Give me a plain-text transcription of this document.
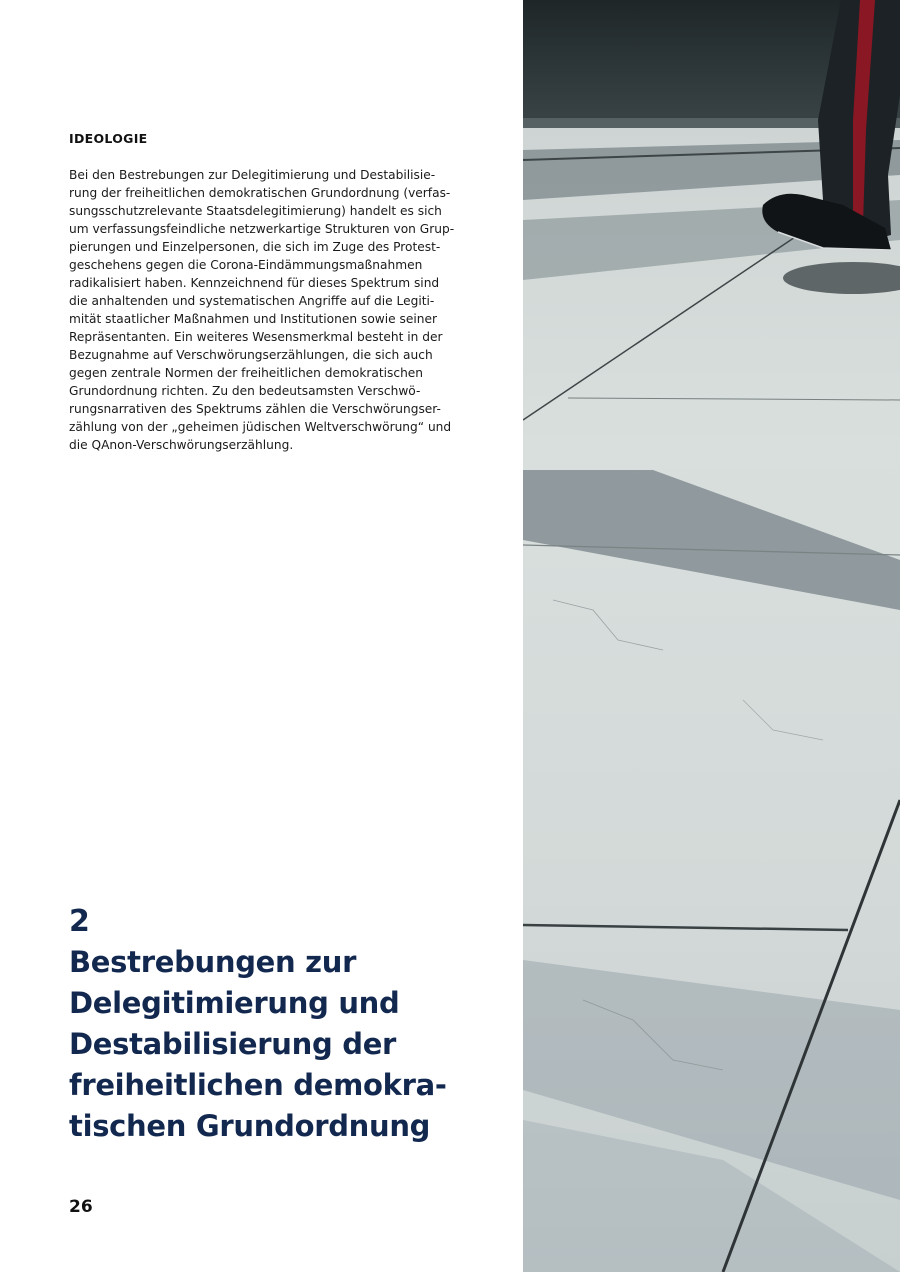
IDEOLOGIE

Bei den Bestrebungen zur Delegitimierung und Destabilisie-
rung der freiheitlichen demokratischen Grundordnung (verfas-
sungsschutzrelevante Staatsdelegitimierung) handelt es sich
um verfassungsfeindliche netzwerkartige Strukturen von Grup-
pierungen und Einzelpersonen, die sich im Zuge des Protest-
geschehens gegen die Corona-Eindämmungsmaßnahmen
radikalisiert haben. Kennzeichnend für dieses Spektrum sind
die anhaltenden und systematischen Angriffe auf die Legiti-
mität staatlicher Maßnahmen und Institutionen sowie seiner
Repräsentanten. Ein weiteres Wesensmerkmal besteht in der
Bezugnahme auf Verschwörungserzählungen, die sich auch
gegen zentrale Normen der freiheitlichen demokratischen
Grundordnung richten. Zu den bedeutsamsten Verschwö-
rungsnarrativen des Spektrums zählen die Verschwörungser-
zählung von der „geheimen jüdischen Weltverschwörung“ und
die QAnon-Verschwörungserzählung.

2
Bestrebungen zur
Delegitimierung und
Destabilisierung der
freiheitlichen demokra-
tischen Grundordnung
26
